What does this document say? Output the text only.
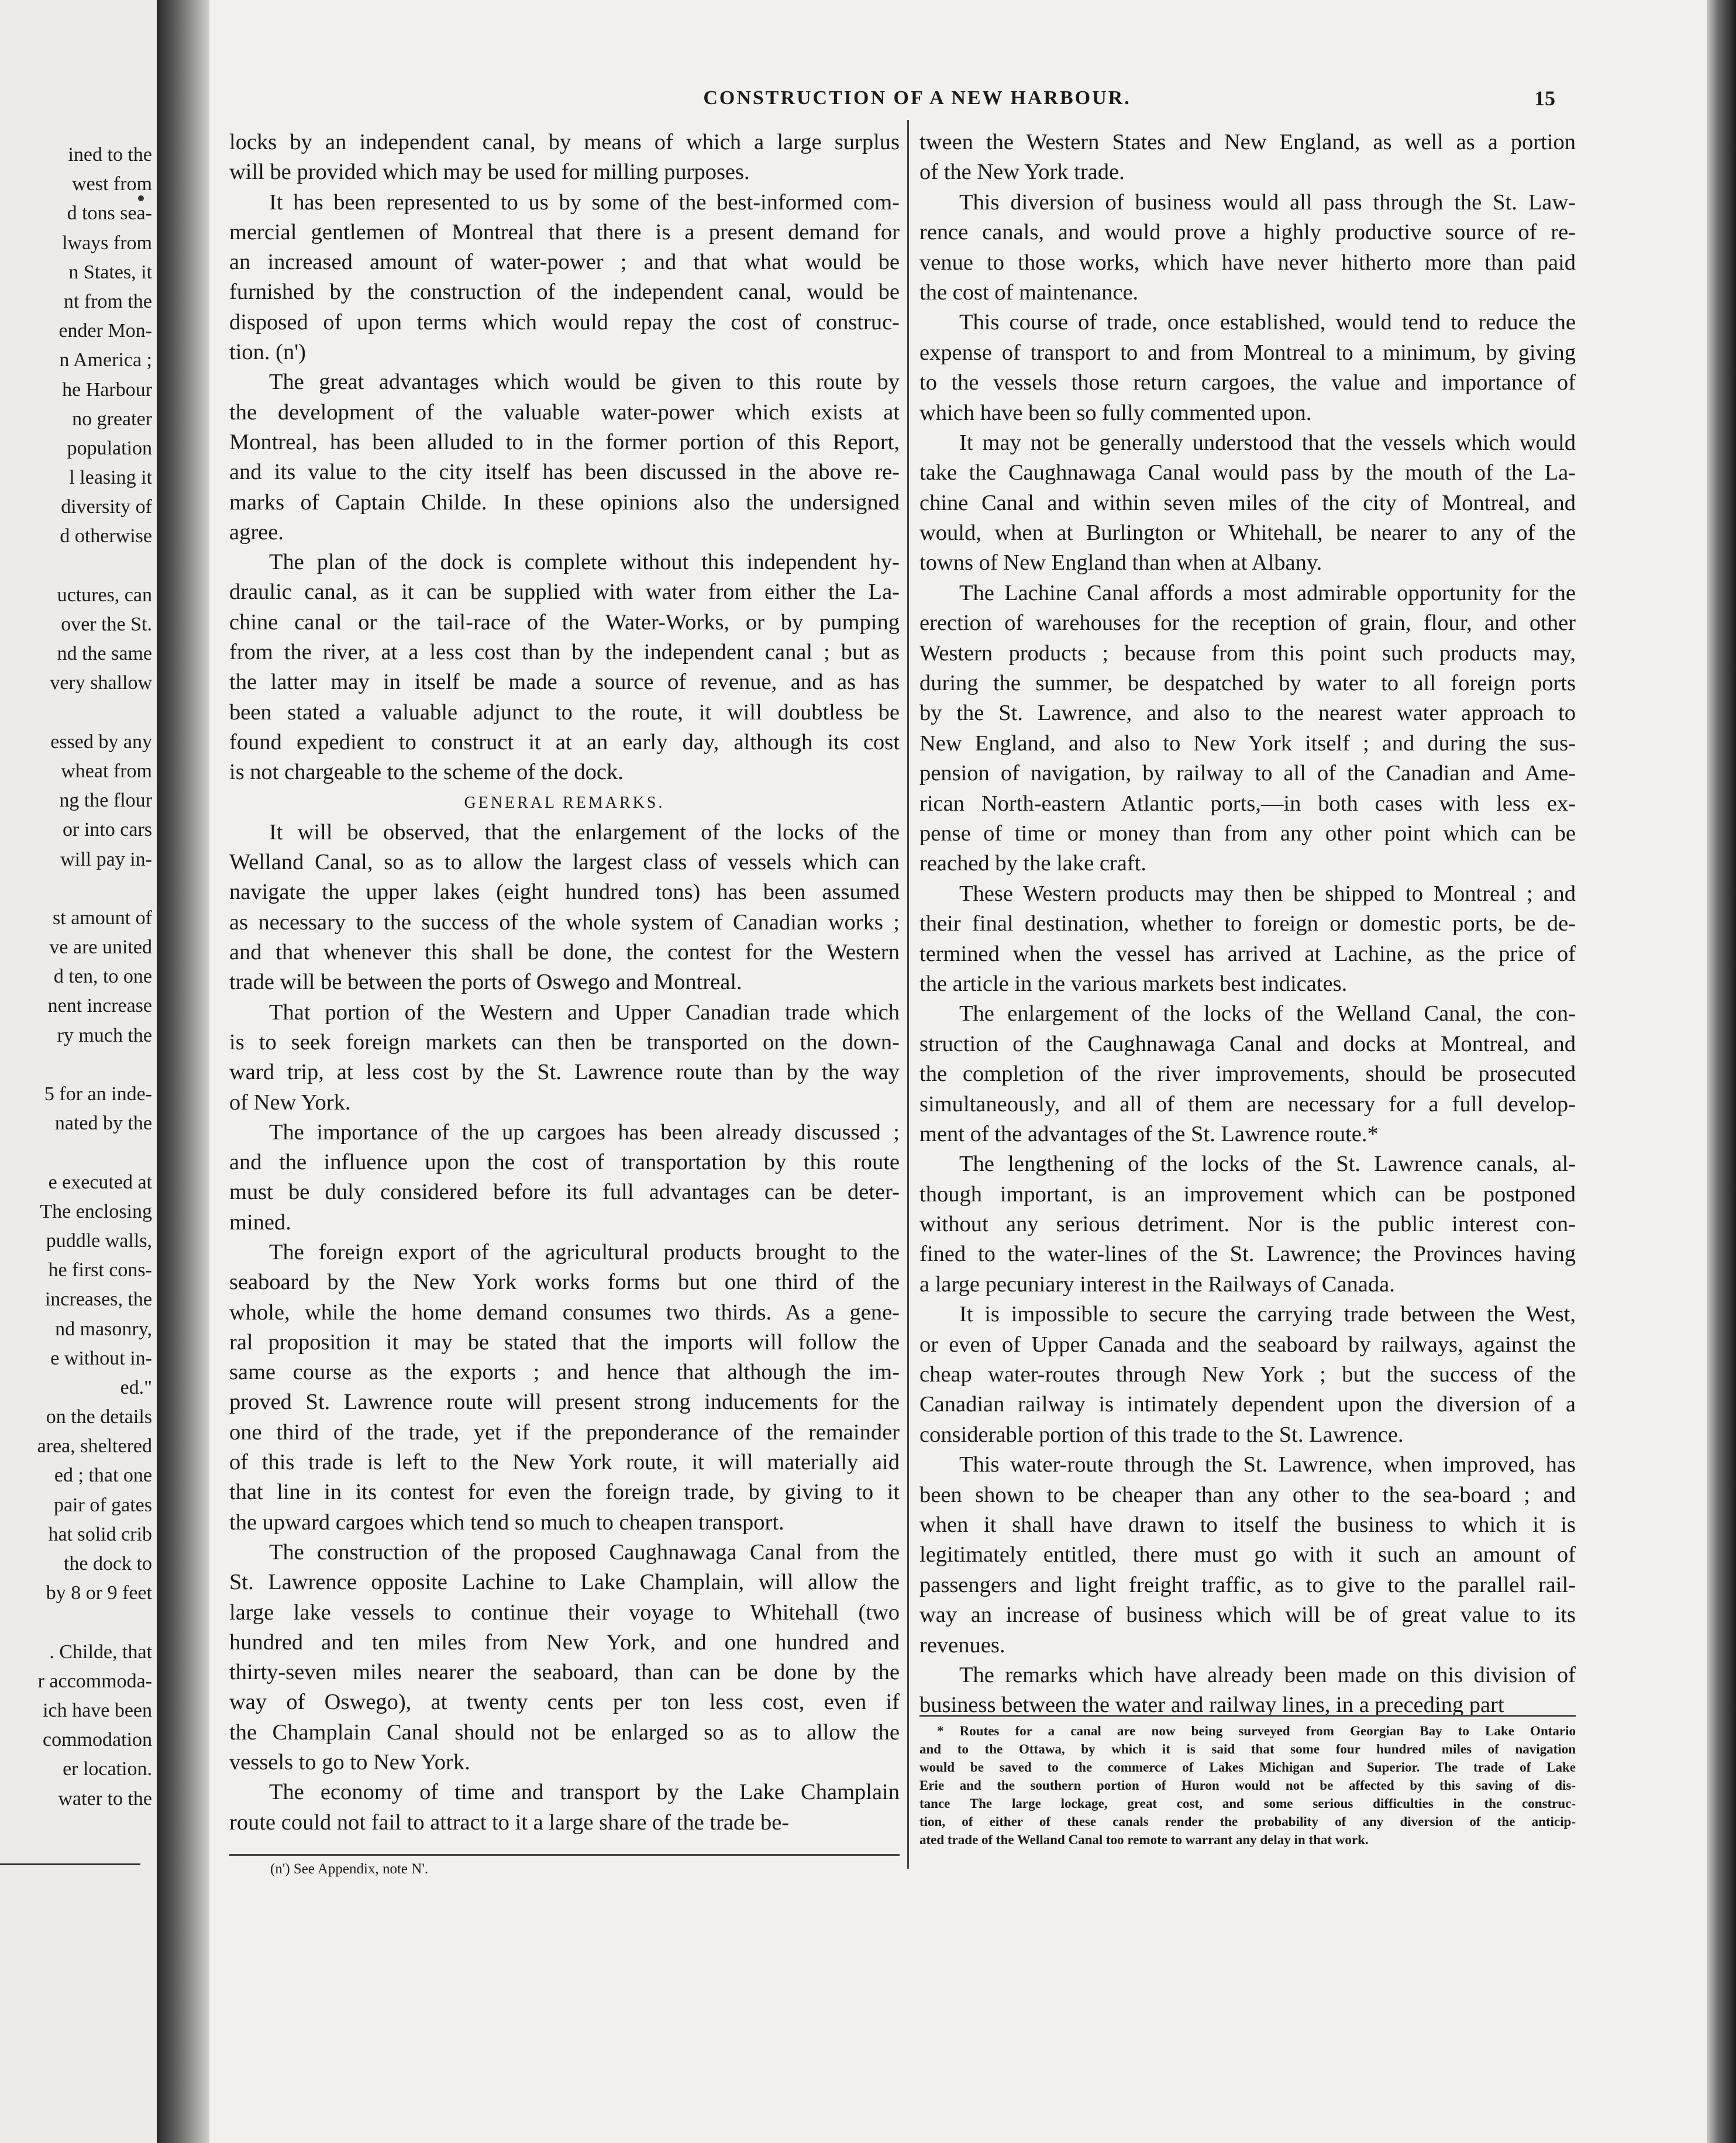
ined to the
west from
d tons sea-
lways from
n States, it
nt from the
ender Mon-
n America ;
he Harbour
no greater
population
l leasing it
diversity of
d otherwise
uctures, can
over the St.
nd the same
very shallow
essed by any
wheat from
ng the flour
or into cars
will pay in-
st amount of
ve are united
d ten, to one
nent increase
ry much the
5 for an inde-
nated by the
e executed at
The enclosing
puddle walls,
he first cons-
increases, the
nd masonry,
e without in-
ed."
on the details
area, sheltered
ed ; that one
pair of gates
hat solid crib
the dock to
by 8 or 9 feet
. Childe, that
r accommoda-
ich have been
commodation
er location.
water to the
CONSTRUCTION OF A NEW HARBOUR.	15
locks by an independent canal, by means of which a large surplus
will be provided which may be used for milling purposes.
It has been represented to us by some of the best-informed com-
mercial gentlemen of Montreal that there is a present demand for
an increased amount of water-power ; and that what would be
furnished by the construction of the independent canal, would be
disposed of upon terms which would repay the cost of construc-
tion. (n')
The great advantages which would be given to this route by
the development of the valuable water-power which exists at
Montreal, has been alluded to in the former portion of this Report,
and its value to the city itself has been discussed in the above re-
marks of Captain Childe. In these opinions also the undersigned
agree.
The plan of the dock is complete without this independent hy-
draulic canal, as it can be supplied with water from either the La-
chine canal or the tail-race of the Water-Works, or by pumping
from the river, at a less cost than by the independent canal ; but as
the latter may in itself be made a source of revenue, and as has
been stated a valuable adjunct to the route, it will doubtless be
found expedient to construct it at an early day, although its cost
is not chargeable to the scheme of the dock.
GENERAL REMARKS.
It will be observed, that the enlargement of the locks of the
Welland Canal, so as to allow the largest class of vessels which can
navigate the upper lakes (eight hundred tons) has been assumed
as necessary to the success of the whole system of Canadian works ;
and that whenever this shall be done, the contest for the Western
trade will be between the ports of Oswego and Montreal.
That portion of the Western and Upper Canadian trade which
is to seek foreign markets can then be transported on the down-
ward trip, at less cost by the St. Lawrence route than by the way
of New York.
The importance of the up cargoes has been already discussed ;
and the influence upon the cost of transportation by this route
must be duly considered before its full advantages can be deter-
mined.
The foreign export of the agricultural products brought to the
seaboard by the New York works forms but one third of the
whole, while the home demand consumes two thirds. As a gene-
ral proposition it may be stated that the imports will follow the
same course as the exports ; and hence that although the im-
proved St. Lawrence route will present strong inducements for the
one third of the trade, yet if the preponderance of the remainder
of this trade is left to the New York route, it will materially aid
that line in its contest for even the foreign trade, by giving to it
the upward cargoes which tend so much to cheapen transport.
The construction of the proposed Caughnawaga Canal from the
St. Lawrence opposite Lachine to Lake Champlain, will allow the
large lake vessels to continue their voyage to Whitehall (two
hundred and ten miles from New York, and one hundred and
thirty-seven miles nearer the seaboard, than can be done by the
way of Oswego), at twenty cents per ton less cost, even if
the Champlain Canal should not be enlarged so as to allow the
vessels to go to New York.
The economy of time and transport by the Lake Champlain
route could not fail to attract to it a large share of the trade be-
tween the Western States and New England, as well as a portion
of the New York trade.
This diversion of business would all pass through the St. Law-
rence canals, and would prove a highly productive source of re-
venue to those works, which have never hitherto more than paid
the cost of maintenance.
This course of trade, once established, would tend to reduce the
expense of transport to and from Montreal to a minimum, by giving
to the vessels those return cargoes, the value and importance of
which have been so fully commented upon.
It may not be generally understood that the vessels which would
take the Caughnawaga Canal would pass by the mouth of the La-
chine Canal and within seven miles of the city of Montreal, and
would, when at Burlington or Whitehall, be nearer to any of the
towns of New England than when at Albany.
The Lachine Canal affords a most admirable opportunity for the
erection of warehouses for the reception of grain, flour, and other
Western products ; because from this point such products may,
during the summer, be despatched by water to all foreign ports
by the St. Lawrence, and also to the nearest water approach to
New England, and also to New York itself ; and during the sus-
pension of navigation, by railway to all of the Canadian and Ame-
rican North-eastern Atlantic ports,—in both cases with less ex-
pense of time or money than from any other point which can be
reached by the lake craft.
These Western products may then be shipped to Montreal ; and
their final destination, whether to foreign or domestic ports, be de-
termined when the vessel has arrived at Lachine, as the price of
the article in the various markets best indicates.
The enlargement of the locks of the Welland Canal, the con-
struction of the Caughnawaga Canal and docks at Montreal, and
the completion of the river improvements, should be prosecuted
simultaneously, and all of them are necessary for a full develop-
ment of the advantages of the St. Lawrence route.*
The lengthening of the locks of the St. Lawrence canals, al-
though important, is an improvement which can be postponed
without any serious detriment. Nor is the public interest con-
fined to the water-lines of the St. Lawrence; the Provinces having
a large pecuniary interest in the Railways of Canada.
It is impossible to secure the carrying trade between the West,
or even of Upper Canada and the seaboard by railways, against the
cheap water-routes through New York ; but the success of the
Canadian railway is intimately dependent upon the diversion of a
considerable portion of this trade to the St. Lawrence.
This water-route through the St. Lawrence, when improved, has
been shown to be cheaper than any other to the sea-board ; and
when it shall have drawn to itself the business to which it is
legitimately entitled, there must go with it such an amount of
passengers and light freight traffic, as to give to the parallel rail-
way an increase of business which will be of great value to its
revenues.
The remarks which have already been made on this division of
business between the water and railway lines, in a preceding part
(n') See Appendix, note N'.
* Routes for a canal are now being surveyed from Georgian Bay to Lake Ontario
and to the Ottawa, by which it is said that some four hundred miles of navigation
would be saved to the commerce of Lakes Michigan and Superior. The trade of Lake
Erie and the southern portion of Huron would not be affected by this saving of dis-
tance The large lockage, great cost, and some serious difficulties in the construc-
tion, of either of these canals render the probability of any diversion of the anticip-
ated trade of the Welland Canal too remote to warrant any delay in that work.
